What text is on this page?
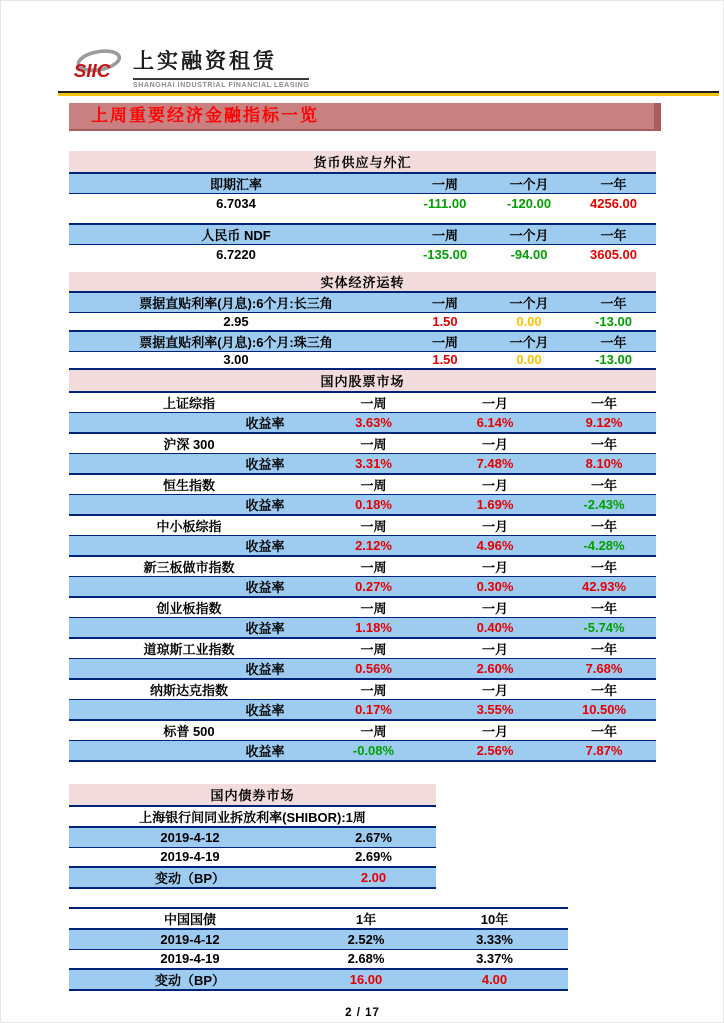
SIIC 上实融资租赁
SHANGHAI INDUSTRIAL FINANCIAL LEASING
上周重要经济金融指标一览
货币供应与外汇			
即期汇率	一周	一个月	一年
6.7034	-111.00	-120.00	4256.00

人民币 NDF	一周	一个月	一年
6.7220	-135.00	-94.00	3605.00
实体经济运转			
票据直贴利率(月息):6个月:长三角	一周	一个月	一年
2.95	1.50	0.00	-13.00
票据直贴利率(月息):6个月:珠三角	一周	一个月	一年
3.00	1.50	0.00	-13.00
国内股票市场				
上证综指		一周	一月	一年
	收益率	3.63%	6.14%	9.12%
沪深 300		一周	一月	一年
	收益率	3.31%	7.48%	8.10%
恒生指数		一周	一月	一年
	收益率	0.18%	1.69%	-2.43%
中小板综指		一周	一月	一年
	收益率	2.12%	4.96%	-4.28%
新三板做市指数		一周	一月	一年
	收益率	0.27%	0.30%	42.93%
创业板指数		一周	一月	一年
	收益率	1.18%	0.40%	-5.74%
道琼斯工业指数		一周	一月	一年
	收益率	0.56%	2.60%	7.68%
纳斯达克指数		一周	一月	一年
	收益率	0.17%	3.55%	10.50%
标普 500		一周	一月	一年
	收益率	-0.08%	2.56%	7.87%
国内债券市场	
上海银行间同业拆放利率(SHIBOR):1周	
2019-4-12	2.67%
2019-4-19	2.69%
变动（BP）	2.00
中国国债	1年	10年
2019-4-12	2.52%	3.33%
2019-4-19	2.68%	3.37%
变动（BP）	16.00	4.00
2 / 17
